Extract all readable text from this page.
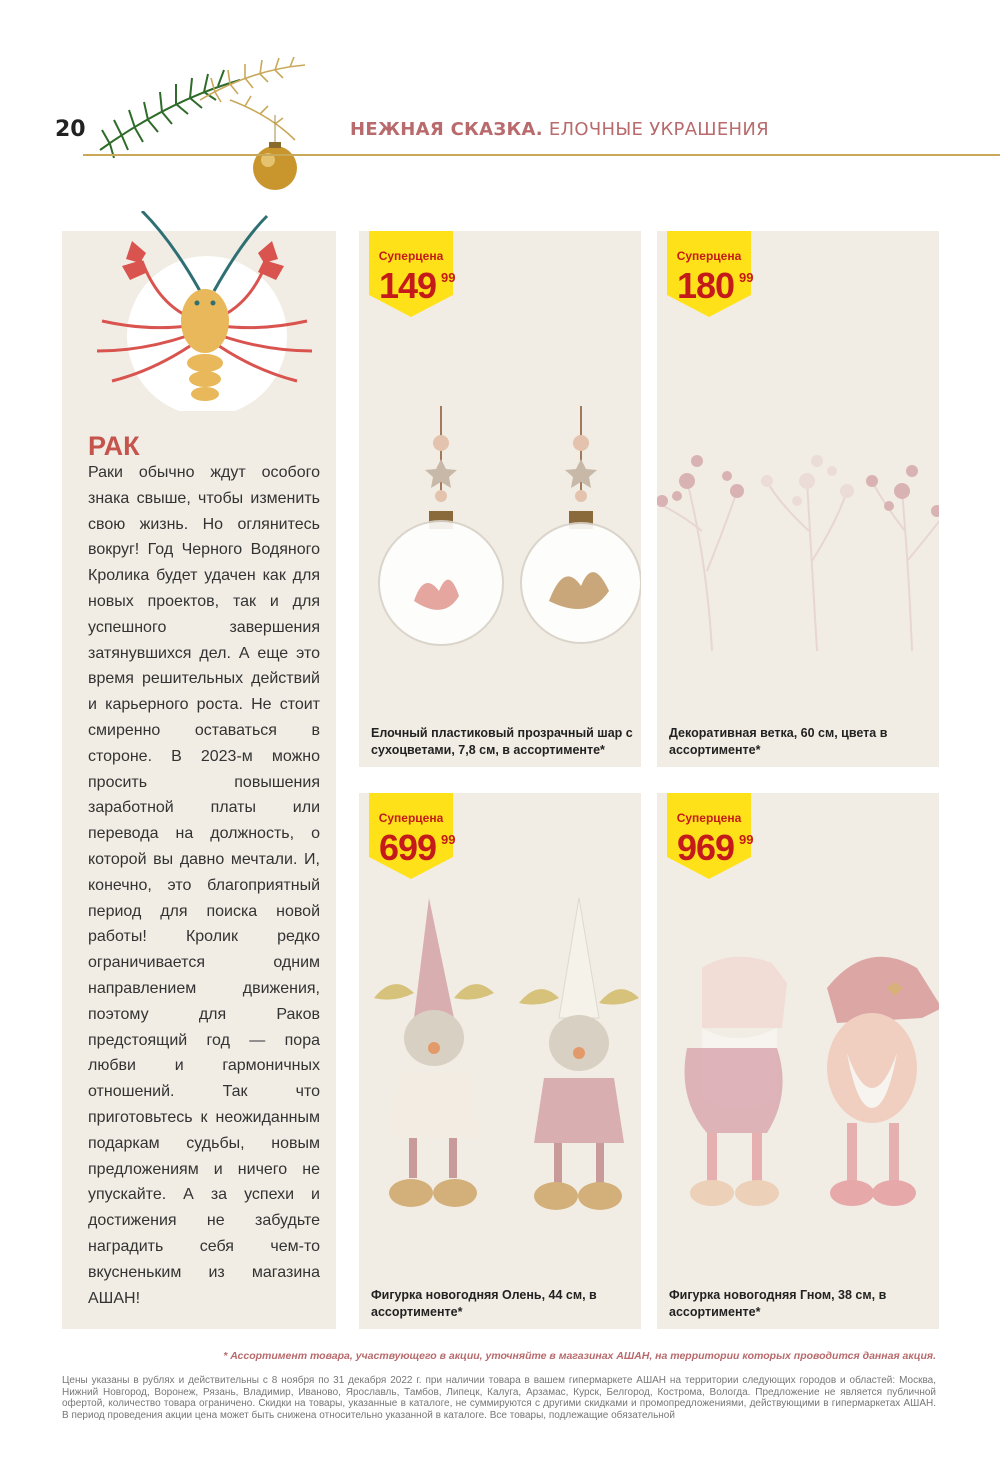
20	НЕЖНАЯ СКАЗКА. ЕЛОЧНЫЕ УКРАШЕНИЯ
РАК
Раки обычно ждут особого знака свыше, чтобы изменить свою жизнь. Но оглянитесь вокруг! Год Черного Водяного Кролика будет удачен как для новых проектов, так и для успешного завершения затянувшихся дел. А еще это время решительных действий и карьерного роста. Не стоит смиренно оставаться в стороне. В 2023-м можно просить повышения заработной платы или перевода на должность, о которой вы давно мечтали. И, конечно, это благоприятный период для поиска новой работы! Кролик редко ограничивается одним направлением движения, поэтому для Раков предстоящий год — пора любви и гармоничных отношений. Так что приготовьтесь к неожиданным подаркам судьбы, новым предложениям и ничего не упускайте. А за успехи и достижения не забудьте наградить себя чем-то вкусненьким из магазина АШАН!
Суперцена
149 99
Елочный пластиковый прозрачный шар с сухоцветами, 7,8 см, в ассортименте*
Суперцена
180 99
Декоративная ветка, 60 см, цвета в ассортименте*
Суперцена
699 99
Фигурка новогодняя Олень, 44 см, в ассортименте*
Суперцена
969 99
Фигурка новогодняя Гном, 38 см, в ассортименте*
* Ассортимент товара, участвующего в акции, уточняйте в магазинах АШАН, на территории которых проводится данная акция.
Цены указаны в рублях и действительны с 8 ноября по 31 декабря 2022 г. при наличии товара в вашем гипермаркете АШАН на территории следующих городов и областей: Москва, Нижний Новгород, Воронеж, Рязань, Владимир, Иваново, Ярославль, Тамбов, Липецк, Калуга, Арзамас, Курск, Белгород, Кострома, Вологда. Предложение не является публичной офертой, количество товара ограничено. Скидки на товары, указанные в каталоге, не суммируются с другими скидками и промопредложениями, действующими в гипермаркетах АШАН. В период проведения акции цена может быть снижена относительно указанной в каталоге. Все товары, подлежащие обязательной
